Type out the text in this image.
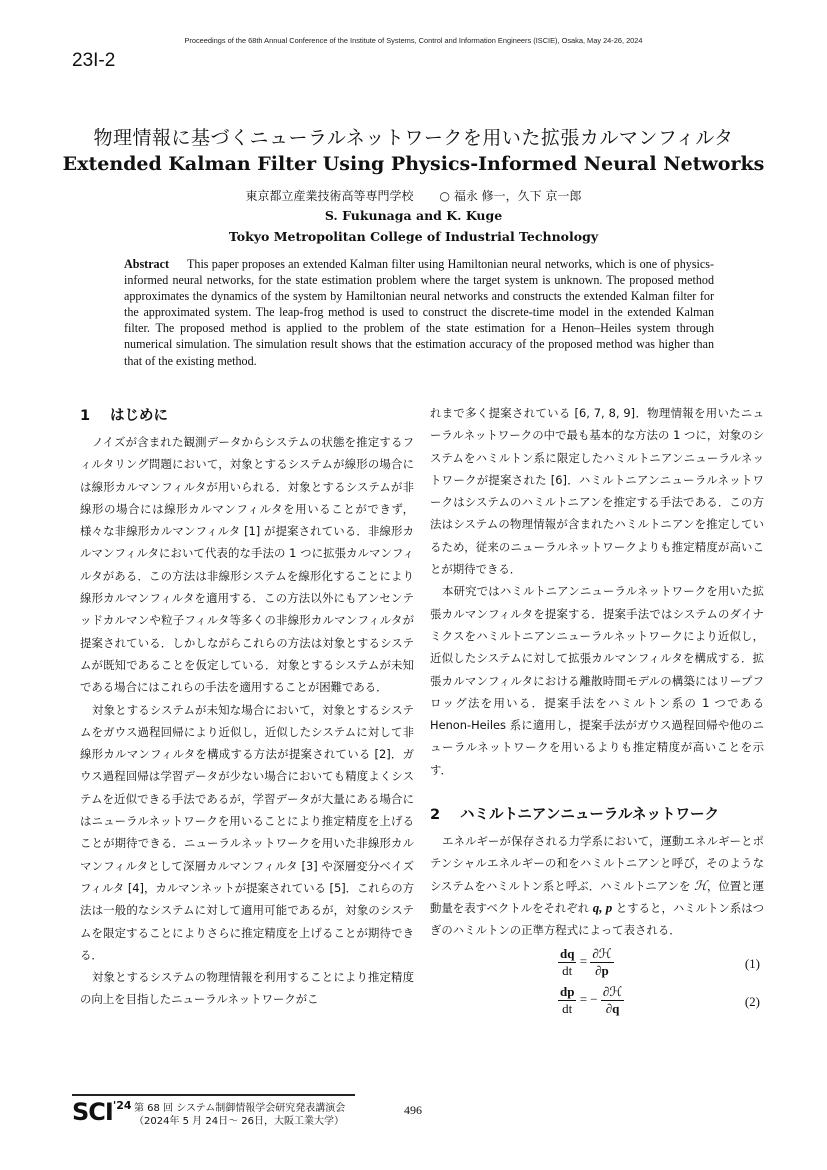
Proceedings of the 68th Annual Conference of the Institute of Systems, Control and Information Engineers (ISCIE), Osaka, May 24-26, 2024
23I-2
物理情報に基づくニューラルネットワークを用いた拡張カルマンフィルタ
Extended Kalman Filter Using Physics-Informed Neural Networks
東京都立産業技術高等専門学校 ○ 福永 修一，久下 京一郎
S. Fukunaga and K. Kuge
Tokyo Metropolitan College of Industrial Technology
Abstract This paper proposes an extended Kalman filter using Hamiltonian neural networks, which is one of physics-informed neural networks, for the state estimation problem where the target system is unknown. The proposed method approximates the dynamics of the system by Hamiltonian neural networks and constructs the extended Kalman filter for the approximated system. The leap-frog method is used to construct the discrete-time model in the extended Kalman filter. The proposed method is applied to the problem of the state estimation for a Henon–Heiles system through numerical simulation. The simulation result shows that the estimation accuracy of the proposed method was higher than that of the existing method.
1 はじめに

ノイズが含まれた観測データからシステムの状態を推定するフィルタリング問題において，対象とするシステムが線形の場合には線形カルマンフィルタが用いられる．対象とするシステムが非線形の場合には線形カルマンフィルタを用いることができず，様々な非線形カルマンフィルタ [1] が提案されている．非線形カルマンフィルタにおいて代表的な手法の 1 つに拡張カルマンフィルタがある．この方法は非線形システムを線形化することにより線形カルマンフィルタを適用する．この方法以外にもアンセンテッドカルマンや粒子フィルタ等多くの非線形カルマンフィルタが提案されている．しかしながらこれらの方法は対象とするシステムが既知であることを仮定している．対象とするシステムが未知である場合にはこれらの手法を適用することが困難である．

対象とするシステムが未知な場合において，対象とするシステムをガウス過程回帰により近似し，近似したシステムに対して非線形カルマンフィルタを構成する方法が提案されている [2]．ガウス過程回帰は学習データが少ない場合においても精度よくシステムを近似できる手法であるが，学習データが大量にある場合にはニューラルネットワークを用いることにより推定精度を上げることが期待できる．ニューラルネットワークを用いた非線形カルマンフィルタとして深層カルマンフィルタ [3] や深層変分ベイズフィルタ [4]，カルマンネットが提案されている [5]．これらの方法は一般的なシステムに対して適用可能であるが，対象のシステムを限定することによりさらに推定精度を上げることが期待できる．

対象とするシステムの物理情報を利用することにより推定精度の向上を目指したニューラルネットワークがこ

れまで多く提案されている [6, 7, 8, 9]．物理情報を用いたニューラルネットワークの中で最も基本的な方法の 1 つに，対象のシステムをハミルトン系に限定したハミルトニアンニューラルネットワークが提案された [6]．ハミルトニアンニューラルネットワークはシステムのハミルトニアンを推定する手法である．この方法はシステムの物理情報が含まれたハミルトニアンを推定しているため，従来のニューラルネットワークよりも推定精度が高いことが期待できる．

本研究ではハミルトニアンニューラルネットワークを用いた拡張カルマンフィルタを提案する．提案手法ではシステムのダイナミクスをハミルトニアンニューラルネットワークにより近似し，近似したシステムに対して拡張カルマンフィルタを構成する．拡張カルマンフィルタにおける離散時間モデルの構築にはリープフロッグ法を用いる．提案手法をハミルトン系の 1 つであるHenon-Heiles 系に適用し，提案手法がガウス過程回帰や他のニューラルネットワークを用いるよりも推定精度が高いことを示す．

2 ハミルトニアンニューラルネットワーク

エネルギーが保存される力学系において，運動エネルギーとポテンシャルエネルギーの和をハミルトニアンと呼び，そのようなシステムをハミルトン系と呼ぶ．ハミルトニアンを ℋ，位置と運動量を表すベクトルをそれぞれ q, p とすると，ハミルトン系はつぎのハミルトンの正準方程式によって表される．

$\frac{dq}{dt} = \frac{\text{∂ℋ}}{\partial p}$	(1)
$\frac{dp}{dt}$ = − $\frac{\text{∂ℋ}}{\partial q}$	(2)
$SCI^{'24}$ 第 68 回 システム制御情報学会研究発表講演会
（2024年 5 月 24日～ 26日，大阪工業大学）
496
